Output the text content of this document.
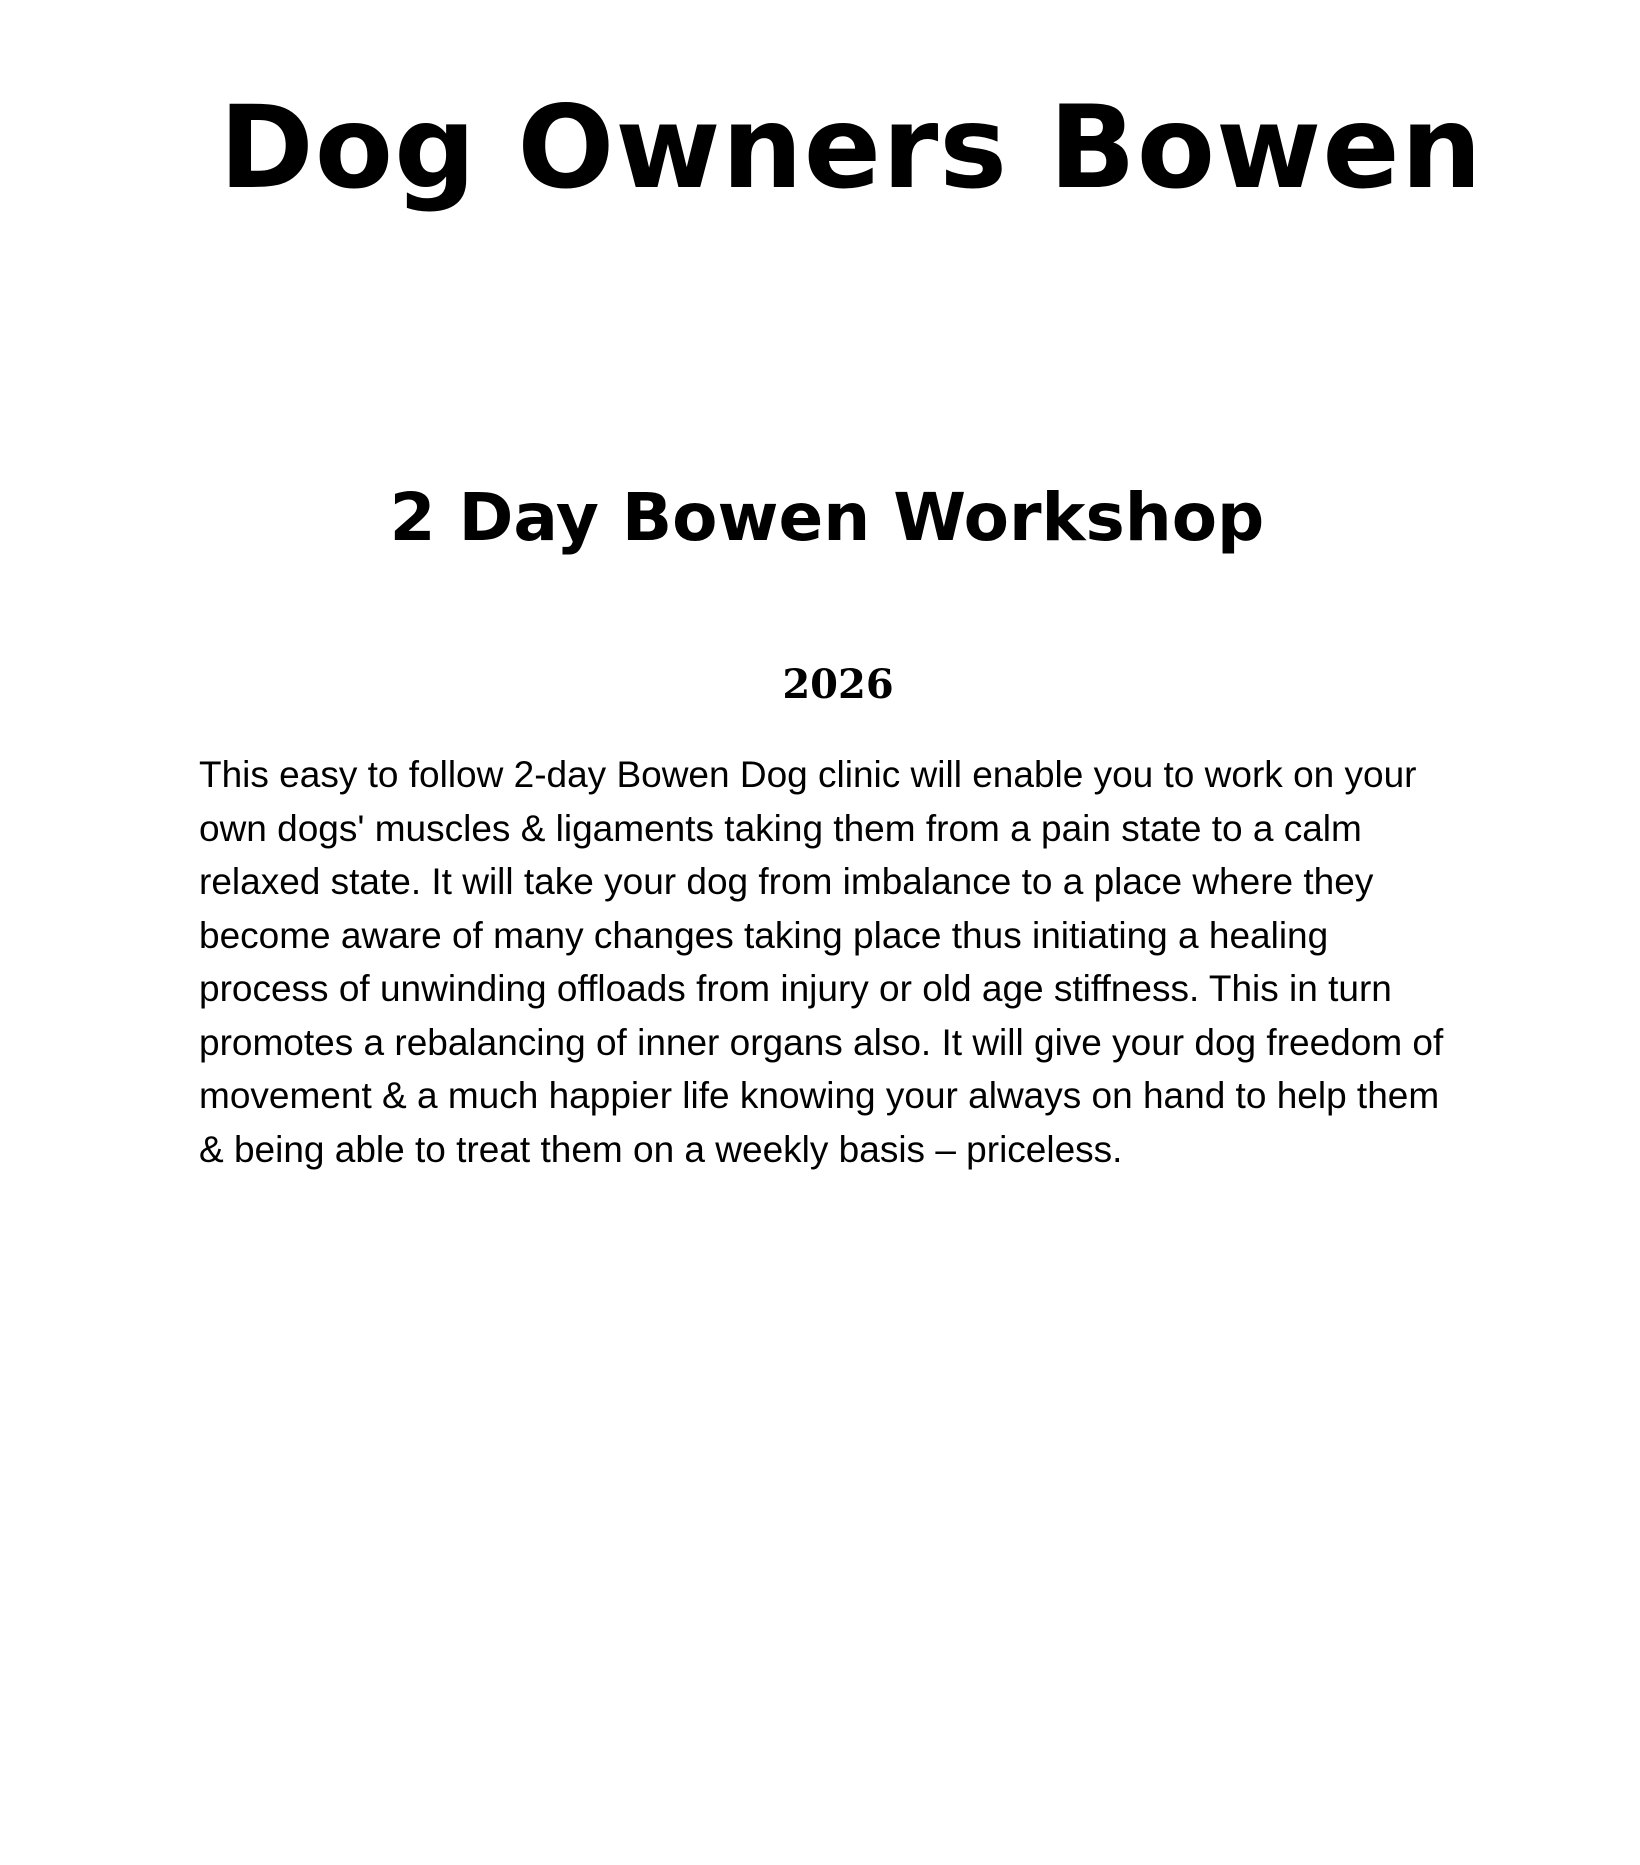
Dog Owners Bowen
2 Day Bowen Workshop
2026

This easy to follow 2-day Bowen Dog clinic will enable you to work on your own dogs' muscles & ligaments taking them from a pain state to a calm relaxed state. It will take your dog from imbalance to a place where they become aware of many changes taking place thus initiating a healing process of unwinding offloads from injury or old age stiffness. This in turn promotes a rebalancing of inner organs also. It will give your dog freedom of movement & a much happier life knowing your always on hand to help them & being able to treat them on a weekly basis – priceless.
